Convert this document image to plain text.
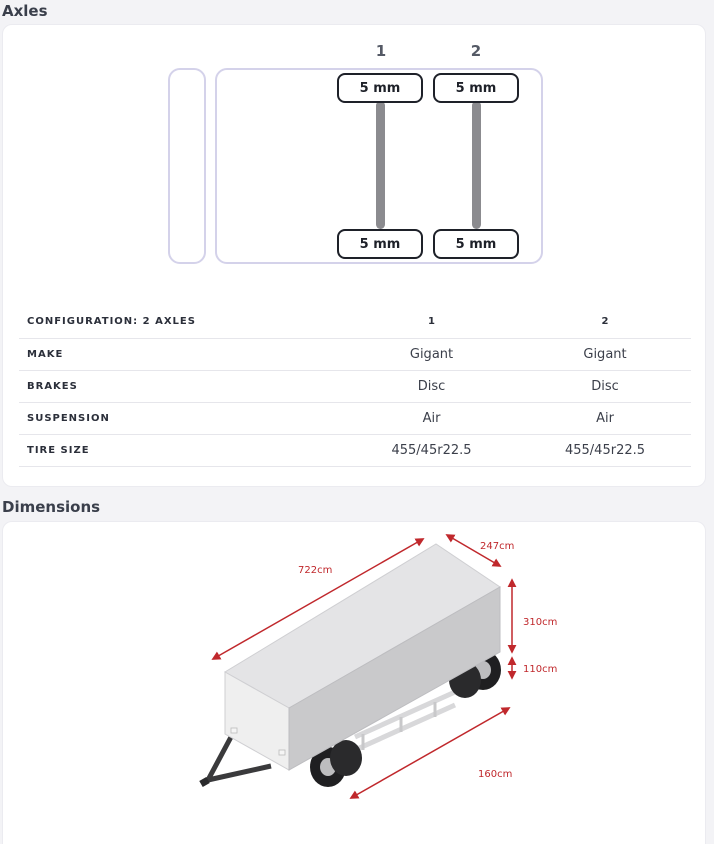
Axles
1	2
5 mm	5 mm
5 mm	5 mm
CONFIGURATION: 2 AXLES	1	2
MAKE	Gigant	Gigant
BRAKES	Disc	Disc
SUSPENSION	Air	Air
TIRE SIZE	455/45r22.5	455/45r22.5
Dimensions
722cm
247cm
310cm
110cm
160cm
